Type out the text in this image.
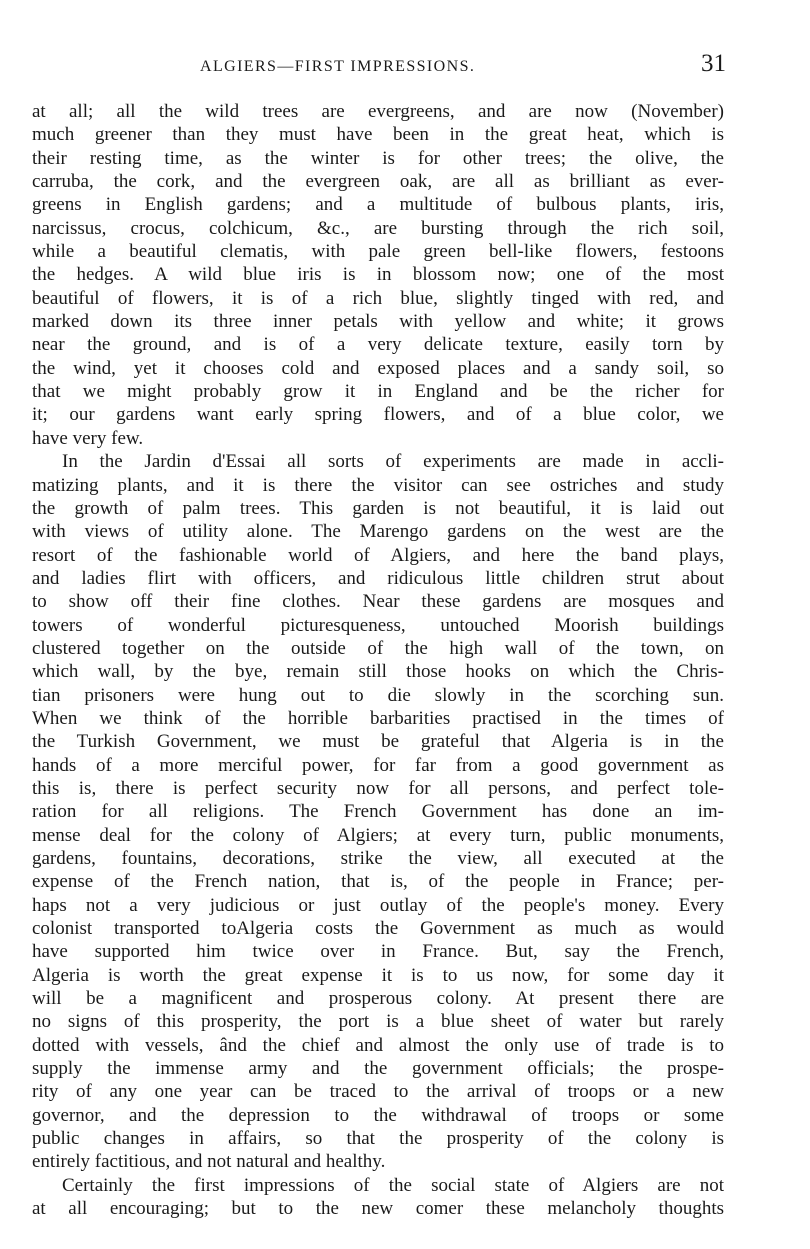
ALGIERS—FIRST IMPRESSIONS.	31
at all; all the wild trees are evergreens, and are now (November)
much greener than they must have been in the great heat, which is
their resting time, as the winter is for other trees; the olive, the
carruba, the cork, and the evergreen oak, are all as brilliant as ever-
greens in English gardens; and a multitude of bulbous plants, iris,
narcissus, crocus, colchicum, &c., are bursting through the rich soil,
while a beautiful clematis, with pale green bell-like flowers, festoons
the hedges. A wild blue iris is in blossom now; one of the most
beautiful of flowers, it is of a rich blue, slightly tinged with red, and
marked down its three inner petals with yellow and white; it grows
near the ground, and is of a very delicate texture, easily torn by
the wind, yet it chooses cold and exposed places and a sandy soil, so
that we might probably grow it in England and be the richer for
it; our gardens want early spring flowers, and of a blue color, we
have very few.
In the Jardin d'Essai all sorts of experiments are made in accli-
matizing plants, and it is there the visitor can see ostriches and study
the growth of palm trees. This garden is not beautiful, it is laid out
with views of utility alone. The Marengo gardens on the west are the
resort of the fashionable world of Algiers, and here the band plays,
and ladies flirt with officers, and ridiculous little children strut about
to show off their fine clothes. Near these gardens are mosques and
towers of wonderful picturesqueness, untouched Moorish buildings
clustered together on the outside of the high wall of the town, on
which wall, by the bye, remain still those hooks on which the Chris-
tian prisoners were hung out to die slowly in the scorching sun.
When we think of the horrible barbarities practised in the times of
the Turkish Government, we must be grateful that Algeria is in the
hands of a more merciful power, for far from a good government as
this is, there is perfect security now for all persons, and perfect tole-
ration for all religions. The French Government has done an im-
mense deal for the colony of Algiers; at every turn, public monuments,
gardens, fountains, decorations, strike the view, all executed at the
expense of the French nation, that is, of the people in France; per-
haps not a very judicious or just outlay of the people's money. Every
colonist transported toAlgeria costs the Government as much as would
have supported him twice over in France. But, say the French,
Algeria is worth the great expense it is to us now, for some day it
will be a magnificent and prosperous colony. At present there are
no signs of this prosperity, the port is a blue sheet of water but rarely
dotted with vessels, ând the chief and almost the only use of trade is to
supply the immense army and the government officials; the prospe-
rity of any one year can be traced to the arrival of troops or a new
governor, and the depression to the withdrawal of troops or some
public changes in affairs, so that the prosperity of the colony is
entirely factitious, and not natural and healthy.
Certainly the first impressions of the social state of Algiers are not
at all encouraging; but to the new comer these melancholy thoughts
